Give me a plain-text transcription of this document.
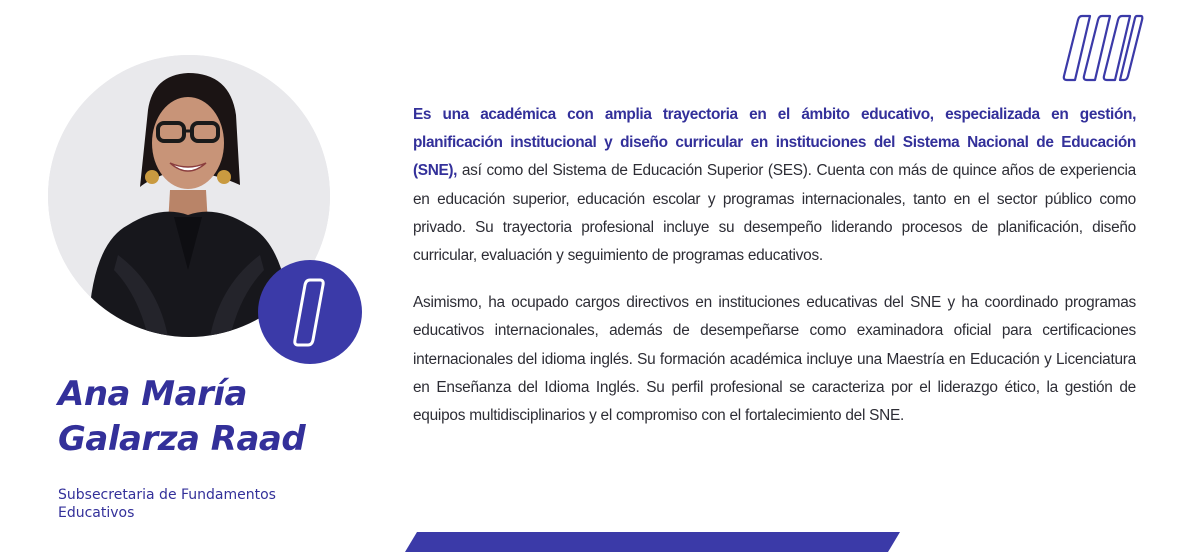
Ana María
Galarza Raad
Subsecretaria de Fundamentos
Educativos

Es una académica con amplia trayectoria en el ámbito educativo, especializada en gestión, planificación institucional y diseño curricular en instituciones del Sistema Nacional de Educación (SNE), así como del Sistema de Educación Superior (SES). Cuenta con más de quince años de experiencia en educación superior, educación escolar y programas internacionales, tanto en el sector público como privado. Su trayectoria profesional incluye su desempeño liderando procesos de planificación, diseño curricular, evaluación y seguimiento de programas educativos.

Asimismo, ha ocupado cargos directivos en instituciones educativas del SNE y ha coordinado programas educativos internacionales, además de desempeñarse como examinadora oficial para certificaciones internacionales del idioma inglés. Su formación académica incluye una Maestría en Educación y Licenciatura en Enseñanza del Idioma Inglés. Su perfil profesional se caracteriza por el liderazgo ético, la gestión de equipos multidisciplinarios y el compromiso con el fortalecimiento del SNE.
